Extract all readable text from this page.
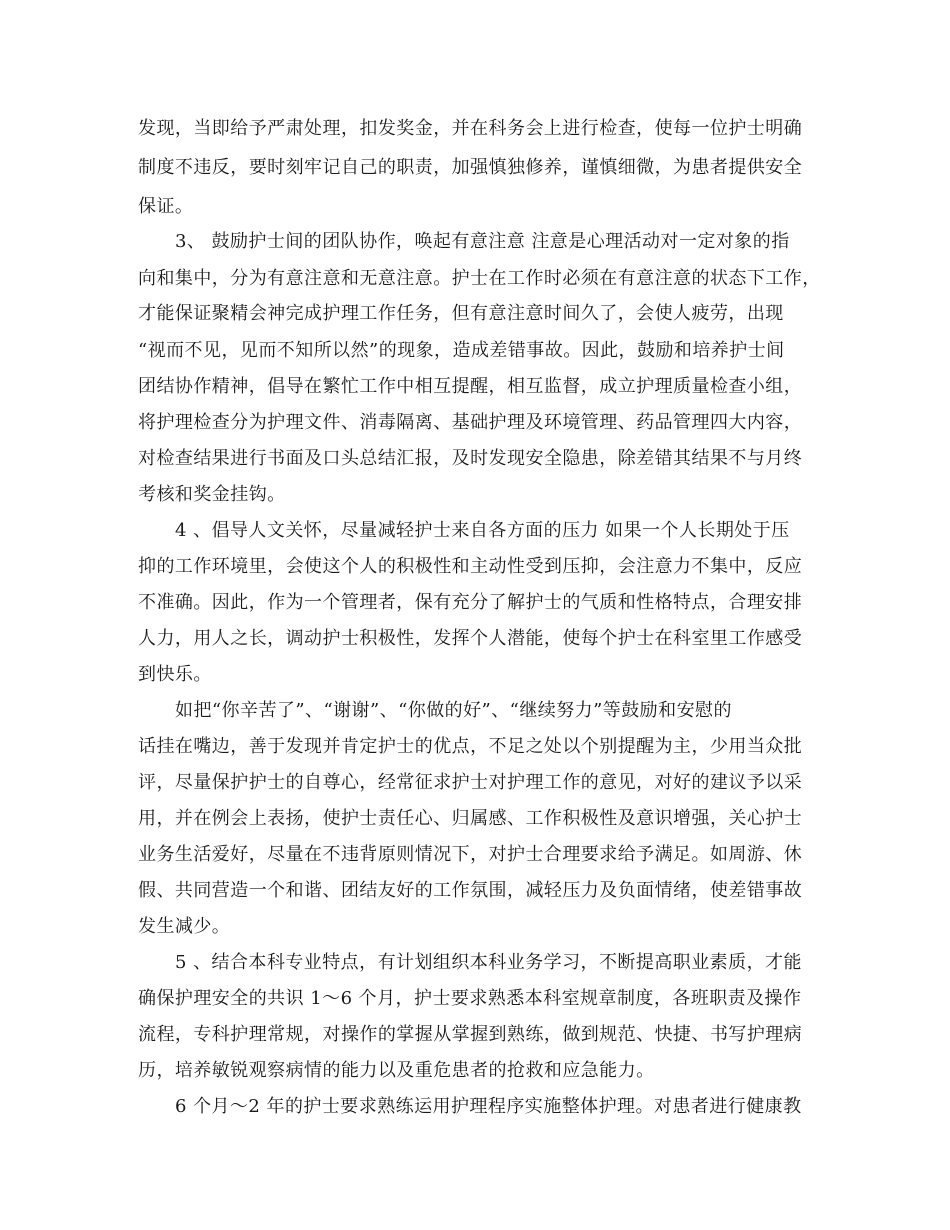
发现，当即给予严肃处理，扣发奖金，并在科务会上进行检查，使每一位护士明确
制度不违反，要时刻牢记自己的职责，加强慎独修养，谨慎细微，为患者提供安全
保证。
3、 鼓励护士间的团队协作，唤起有意注意 注意是心理活动对一定对象的指
向和集中，分为有意注意和无意注意。护士在工作时必须在有意注意的状态下工作，
才能保证聚精会神完成护理工作任务，但有意注意时间久了，会使人疲劳，出现
“视而不见，见而不知所以然”的现象，造成差错事故。因此，鼓励和培养护士间
团结协作精神，倡导在繁忙工作中相互提醒，相互监督，成立护理质量检查小组，
将护理检查分为护理文件、消毒隔离、基础护理及环境管理、药品管理四大内容，
对检查结果进行书面及口头总结汇报，及时发现安全隐患，除差错其结果不与月终
考核和奖金挂钩。
4 、倡导人文关怀，尽量减轻护士来自各方面的压力 如果一个人长期处于压
抑的工作环境里，会使这个人的积极性和主动性受到压抑，会注意力不集中，反应
不准确。因此，作为一个管理者，保有充分了解护士的气质和性格特点，合理安排
人力，用人之长，调动护士积极性，发挥个人潜能，使每个护士在科室里工作感受
到快乐。
如把“你辛苦了”、“谢谢”、“你做的好”、“继续努力”等鼓励和安慰的
话挂在嘴边，善于发现并肯定护士的优点，不足之处以个别提醒为主，少用当众批
评，尽量保护护士的自尊心，经常征求护士对护理工作的意见，对好的建议予以采
用，并在例会上表扬，使护士责任心、归属感、工作积极性及意识增强，关心护士
业务生活爱好，尽量在不违背原则情况下，对护士合理要求给予满足。如周游、休
假、共同营造一个和谐、团结友好的工作氛围，减轻压力及负面情绪，使差错事故
发生减少。
5 、结合本科专业特点，有计划组织本科业务学习，不断提高职业素质，才能
确保护理安全的共识 1～6 个月，护士要求熟悉本科室规章制度，各班职责及操作
流程，专科护理常规，对操作的掌握从掌握到熟练，做到规范、快捷、书写护理病
历，培养敏锐观察病情的能力以及重危患者的抢救和应急能力。
6 个月～2 年的护士要求熟练运用护理程序实施整体护理。对患者进行健康教
